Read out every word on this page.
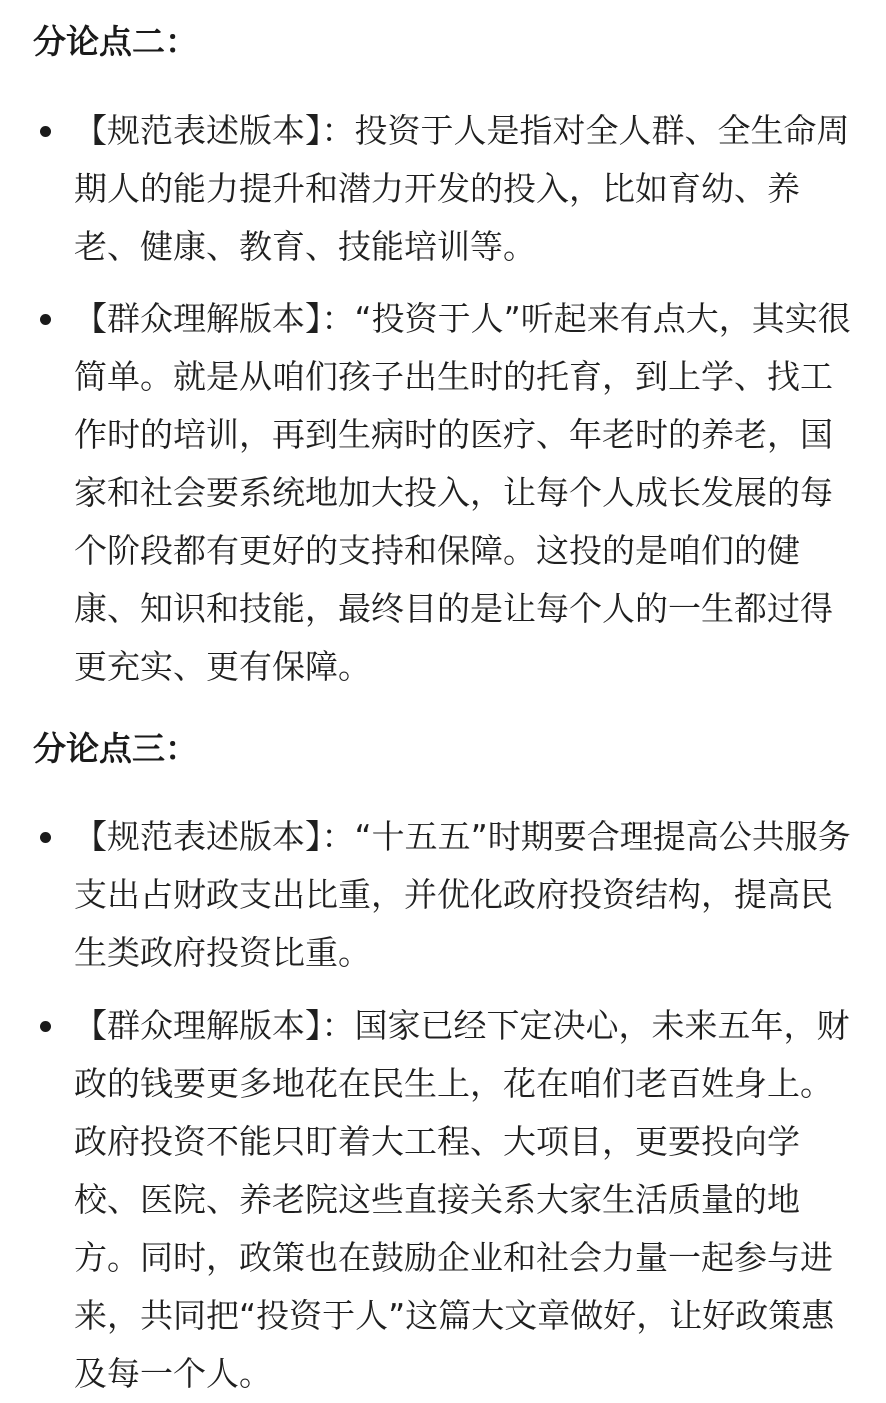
分论点二：
【规范表述版本】：投资于人是指对全人群、全生命周期人的能力提升和潜力开发的投入，比如育幼、养老、健康、教育、技能培训等。
【群众理解版本】：“投资于人”听起来有点大，其实很简单。就是从咱们孩子出生时的托育，到上学、找工作时的培训，再到生病时的医疗、年老时的养老，国家和社会要系统地加大投入，让每个人成长发展的每个阶段都有更好的支持和保障。这投的是咱们的健康、知识和技能，最终目的是让每个人的一生都过得更充实、更有保障。
分论点三：
【规范表述版本】：“十五五”时期要合理提高公共服务支出占财政支出比重，并优化政府投资结构，提高民生类政府投资比重。
【群众理解版本】：国家已经下定决心，未来五年，财政的钱要更多地花在民生上，花在咱们老百姓身上。政府投资不能只盯着大工程、大项目，更要投向学校、医院、养老院这些直接关系大家生活质量的地方。同时，政策也在鼓励企业和社会力量一起参与进来，共同把“投资于人”这篇大文章做好，让好政策惠及每一个人。
